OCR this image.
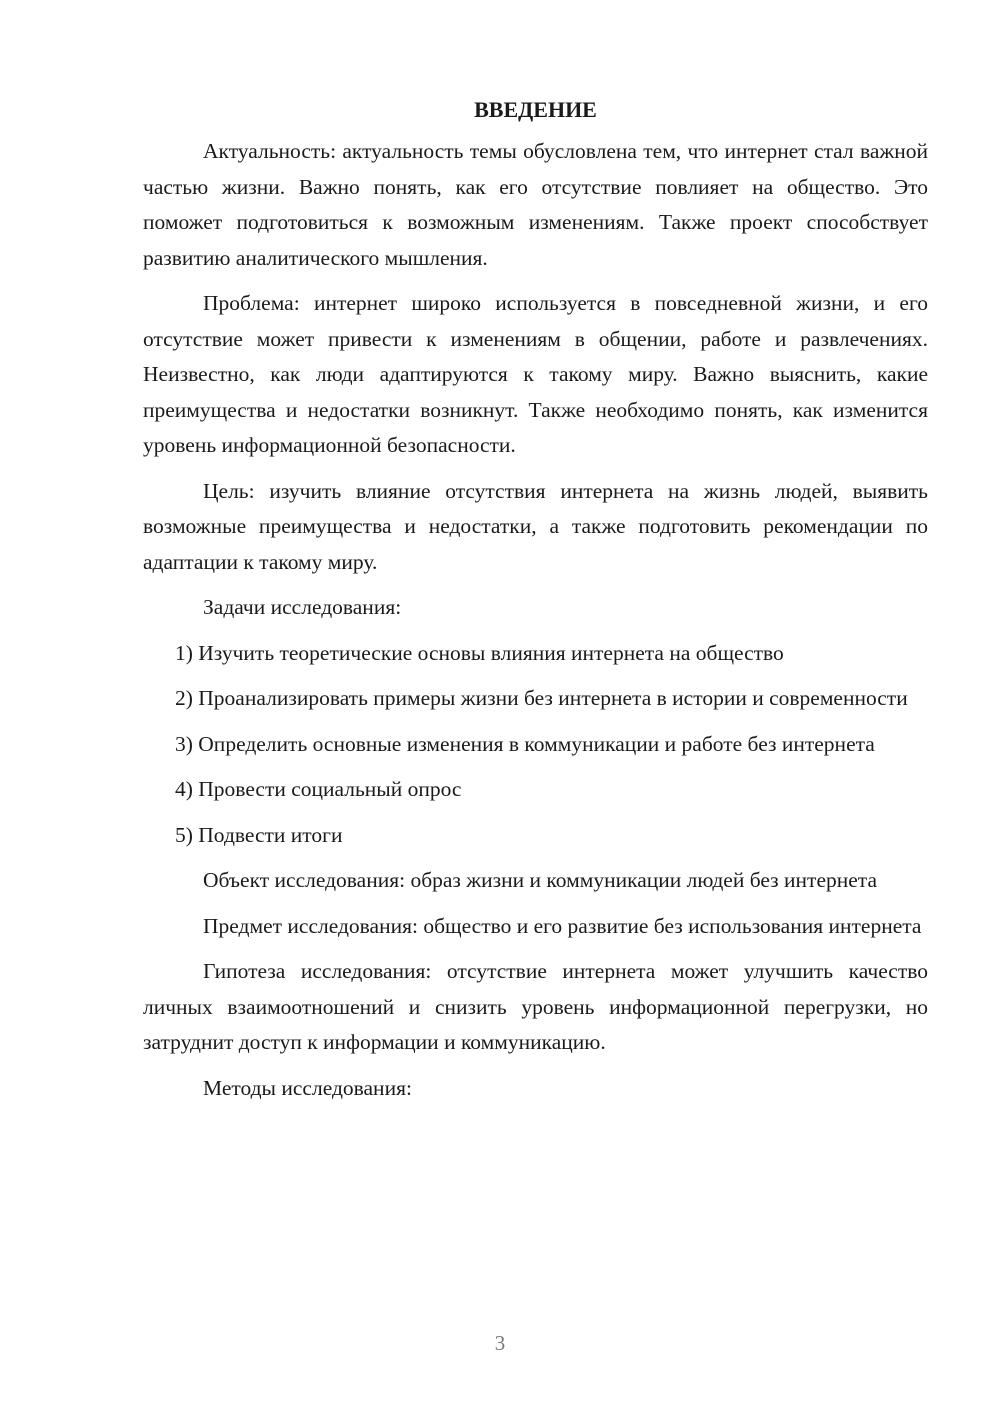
ВВЕДЕНИЕ

Актуальность: актуальность темы обусловлена тем, что интернет стал важной частью жизни. Важно понять, как его отсутствие повлияет на общество. Это поможет подготовиться к возможным изменениям. Также проект способствует развитию аналитического мышления.

Проблема: интернет широко используется в повседневной жизни, и его отсутствие может привести к изменениям в общении, работе и развлечениях. Неизвестно, как люди адаптируются к такому миру. Важно выяснить, какие преимущества и недостатки возникнут. Также необходимо понять, как изменится уровень информационной безопасности.

Цель: изучить влияние отсутствия интернета на жизнь людей, выявить возможные преимущества и недостатки, а также подготовить рекомендации по адаптации к такому миру.

Задачи исследования:

1) Изучить теоретические основы влияния интернета на общество

2) Проанализировать примеры жизни без интернета в истории и современности

3) Определить основные изменения в коммуникации и работе без интернета

4) Провести социальный опрос

5) Подвести итоги

Объект исследования: образ жизни и коммуникации людей без интернета

Предмет исследования: общество и его развитие без использования интернета

Гипотеза исследования: отсутствие интернета может улучшить качество личных взаимоотношений и снизить уровень информационной перегрузки, но затруднит доступ к информации и коммуникацию.

Методы исследования:

3
